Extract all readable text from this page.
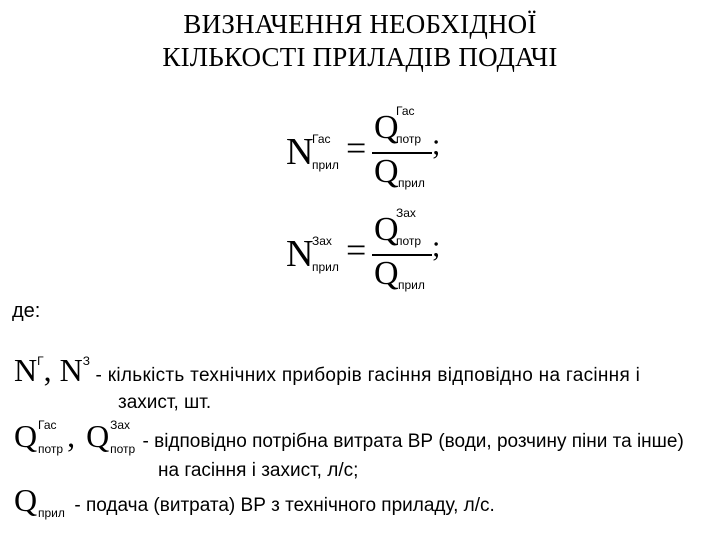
ВИЗНАЧЕННЯ НЕОБХІДНОЇ
КІЛЬКОСТІ ПРИЛАДІВ ПОДАЧІ
N
Гас
прил =
Q
Гас
потр
Q прил
;
N
Зах
прил =
Q
Зах
потр
Q прил
;
де:
$N^Г$, $N^З$ - кількість технічних приборів гасіння відповідно на гасіння і
захист, шт.
Q Гас
потр , Q Зах
потр - відповідно потрібна витрата ВР (води, розчину піни та інше)
на гасіння і захист, л/с;
Q прил - подача (витрата) ВР з технічного приладу, л/с.
